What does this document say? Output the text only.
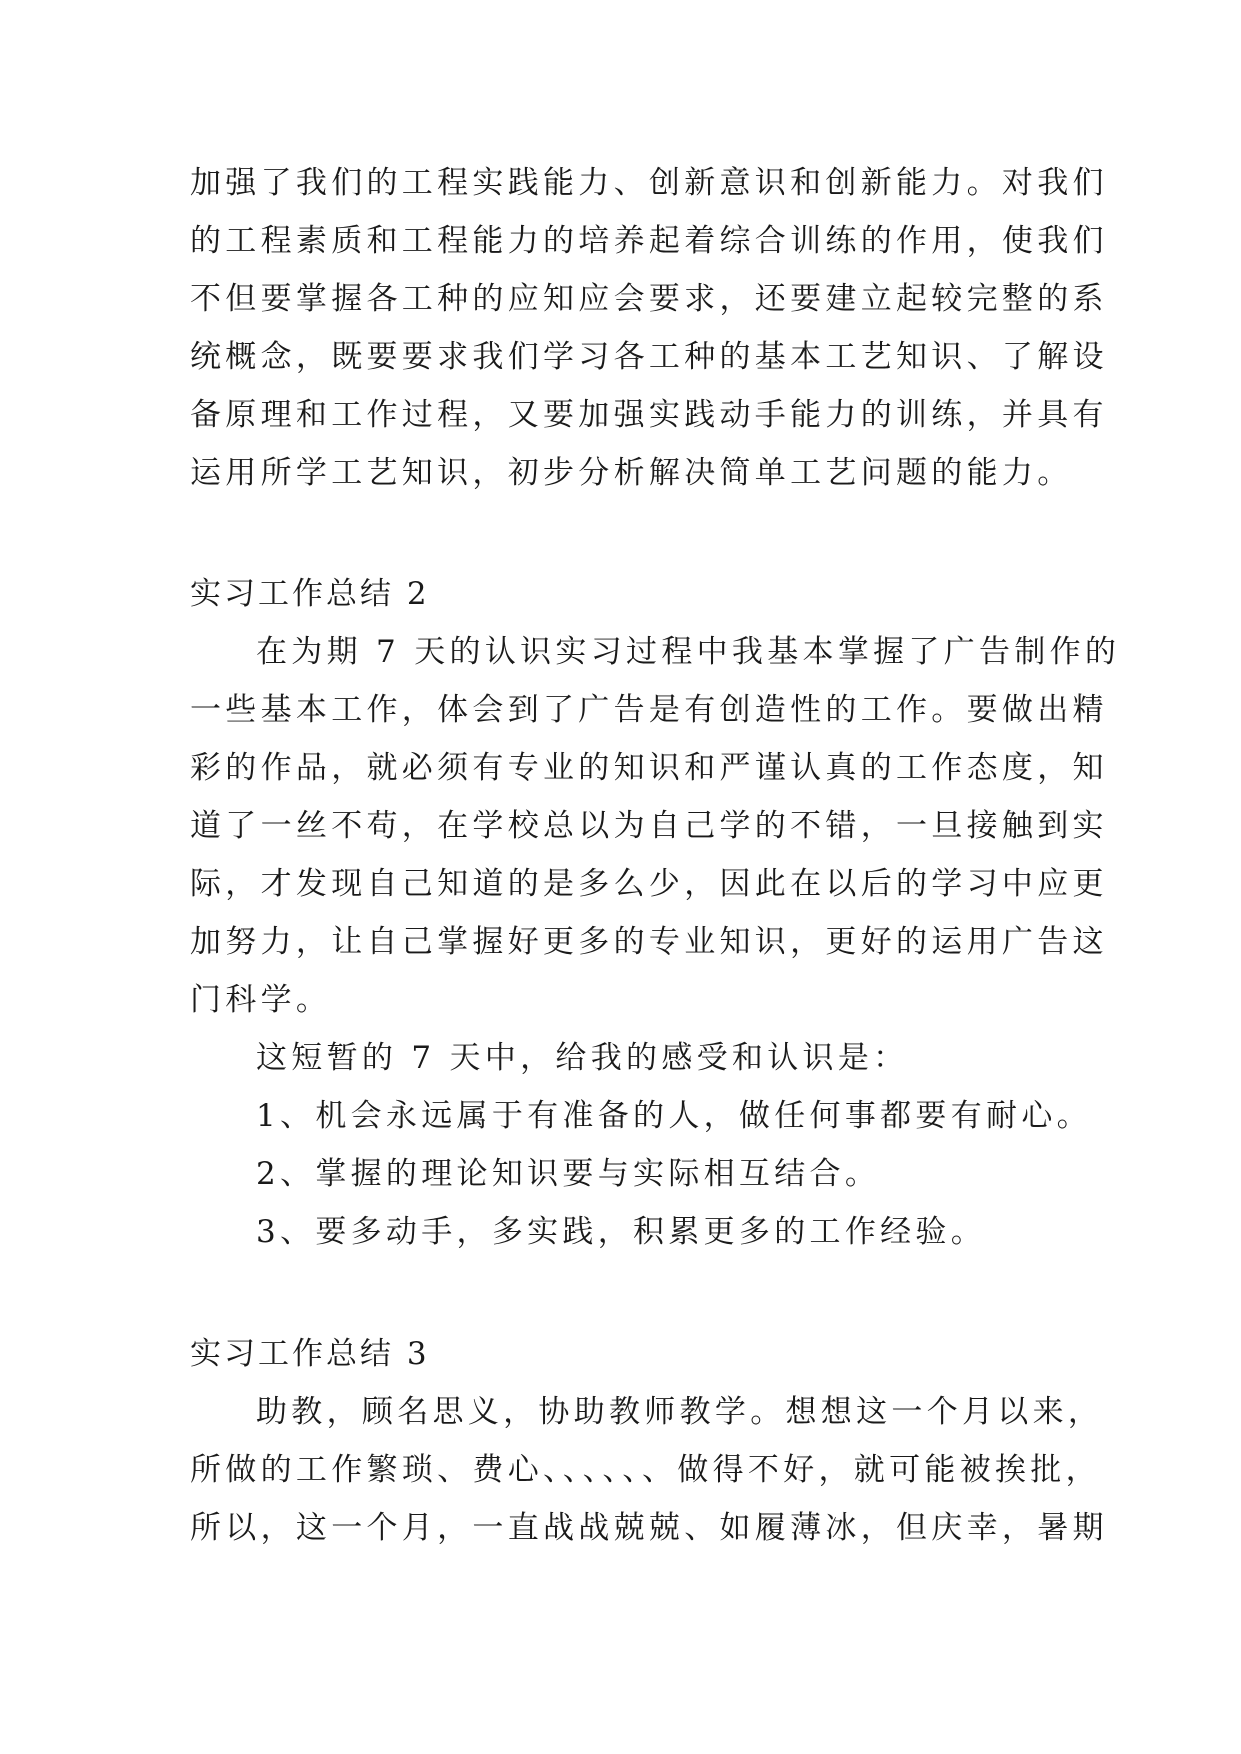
加强了我们的工程实践能力、创新意识和创新能力。对我们
的工程素质和工程能力的培养起着综合训练的作用，使我们
不但要掌握各工种的应知应会要求，还要建立起较完整的系
统概念，既要要求我们学习各工种的基本工艺知识、了解设
备原理和工作过程，又要加强实践动手能力的训练，并具有
运用所学工艺知识，初步分析解决简单工艺问题的能力。
实习工作总结 2
在为期 7 天的认识实习过程中我基本掌握了广告制作的
一些基本工作，体会到了广告是有创造性的工作。要做出精
彩的作品，就必须有专业的知识和严谨认真的工作态度，知
道了一丝不苟，在学校总以为自己学的不错，一旦接触到实
际，才发现自己知道的是多么少，因此在以后的学习中应更
加努力，让自己掌握好更多的专业知识，更好的运用广告这
门科学。
这短暂的 7 天中，给我的感受和认识是：
1、机会永远属于有准备的人，做任何事都要有耐心。
2、掌握的理论知识要与实际相互结合。
3、要多动手，多实践，积累更多的工作经验。
实习工作总结 3
助教，顾名思义，协助教师教学。想想这一个月以来，
所做的工作繁琐、费心、、、、、、做得不好，就可能被挨批，
所以，这一个月，一直战战兢兢、如履薄冰，但庆幸，暑期
